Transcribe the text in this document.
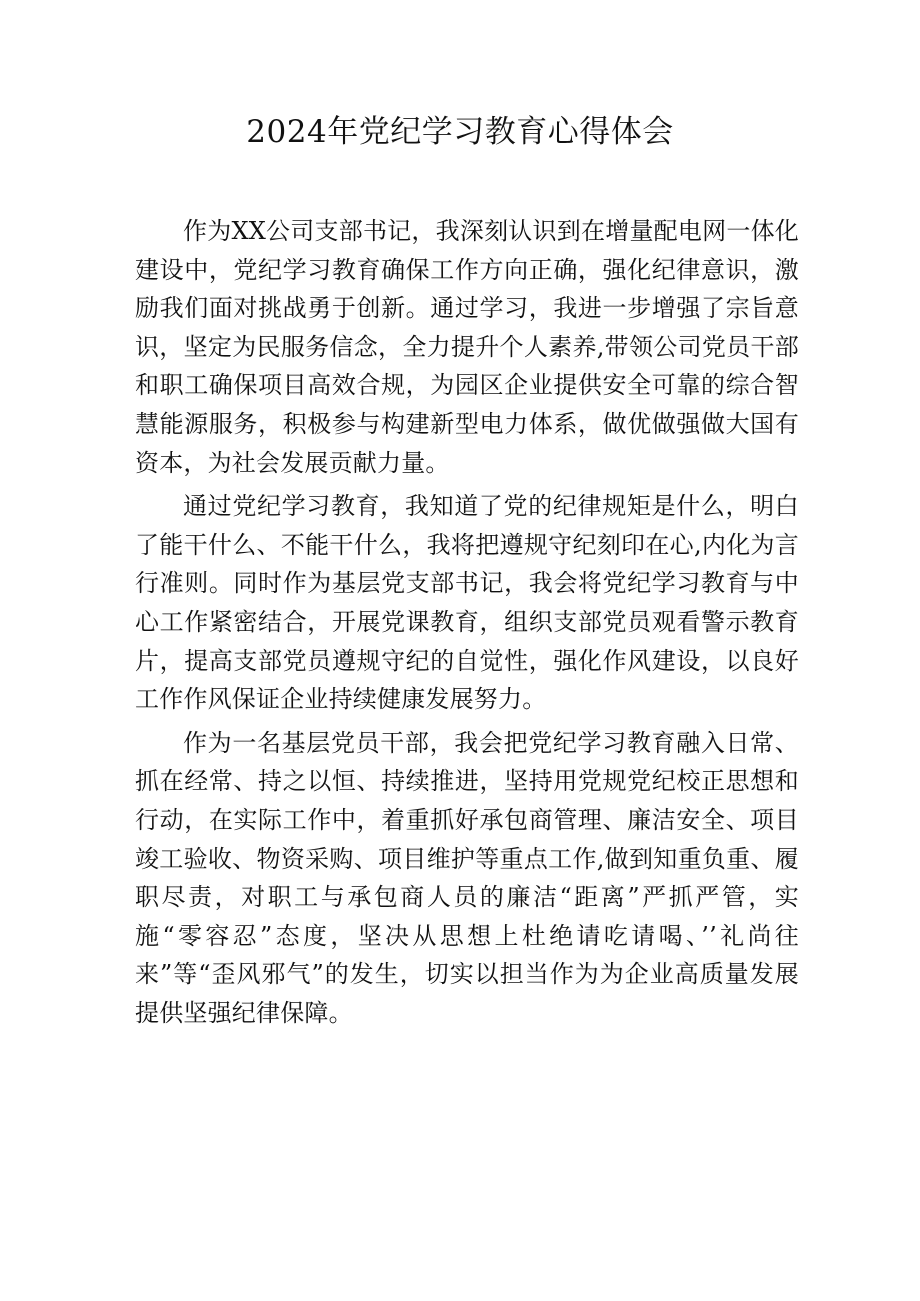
2024年党纪学习教育心得体会

作为XX公司支部书记，我深刻认识到在增量配电网一体化建设中，党纪学习教育确保工作方向正确，强化纪律意识，激励我们面对挑战勇于创新。通过学习，我进一步增强了宗旨意识，坚定为民服务信念，全力提升个人素养,带领公司党员干部和职工确保项目高效合规，为园区企业提供安全可靠的综合智慧能源服务，积极参与构建新型电力体系，做优做强做大国有资本，为社会发展贡献力量。

通过党纪学习教育，我知道了党的纪律规矩是什么，明白了能干什么、不能干什么，我将把遵规守纪刻印在心,内化为言行准则。同时作为基层党支部书记，我会将党纪学习教育与中心工作紧密结合，开展党课教育，组织支部党员观看警示教育片，提高支部党员遵规守纪的自觉性，强化作风建设，以良好工作作风保证企业持续健康发展努力。

作为一名基层党员干部，我会把党纪学习教育融入日常、抓在经常、持之以恒、持续推进，坚持用党规党纪校正思想和行动，在实际工作中，着重抓好承包商管理、廉洁安全、项目竣工验收、物资采购、项目维护等重点工作,做到知重负重、履职尽责，对职工与承包商人员的廉洁“距离”严抓严管，实施“零容忍”态度，坚决从思想上杜绝请吃请喝、’’礼尚往来”等“歪风邪气”的发生，切实以担当作为为企业高质量发展提供坚强纪律保障。
